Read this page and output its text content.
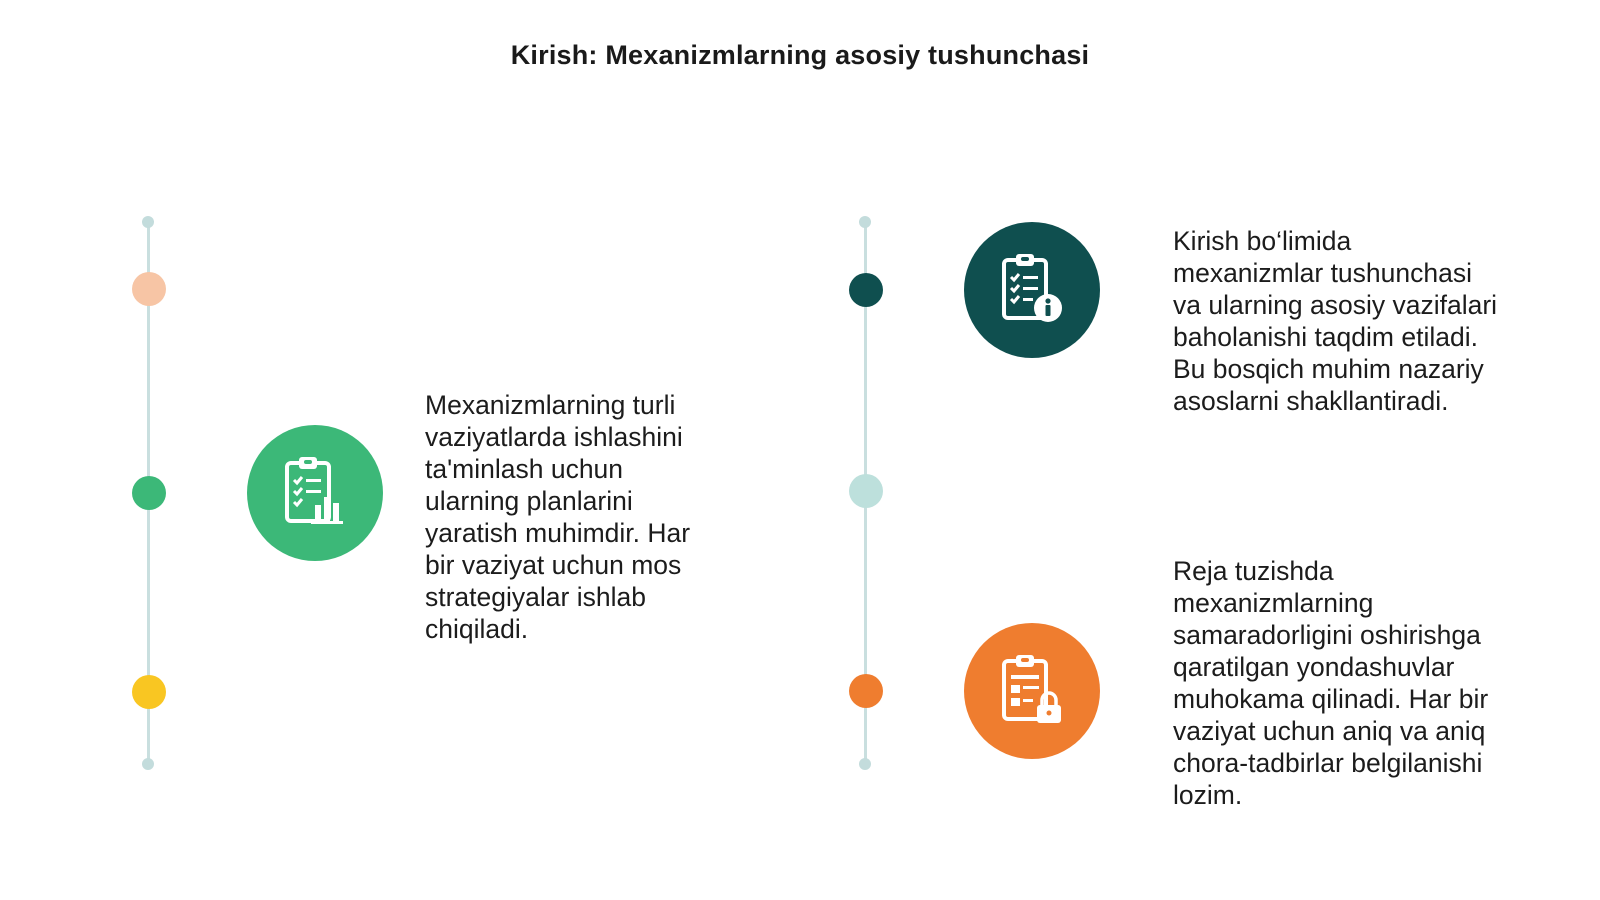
Kirish: Mexanizmlarning asosiy tushunchasi
Mexanizmlarning turli
vaziyatlarda ishlashini
ta'minlash uchun
ularning planlarini
yaratish muhimdir. Har
bir vaziyat uchun mos
strategiyalar ishlab
chiqiladi.
Kirish bo‘limida
mexanizmlar tushunchasi
va ularning asosiy vazifalari
baholanishi taqdim etiladi.
Bu bosqich muhim nazariy
asoslarni shakllantiradi.
Reja tuzishda
mexanizmlarning
samaradorligini oshirishga
qaratilgan yondashuvlar
muhokama qilinadi. Har bir
vaziyat uchun aniq va aniq
chora-tadbirlar belgilanishi
lozim.
